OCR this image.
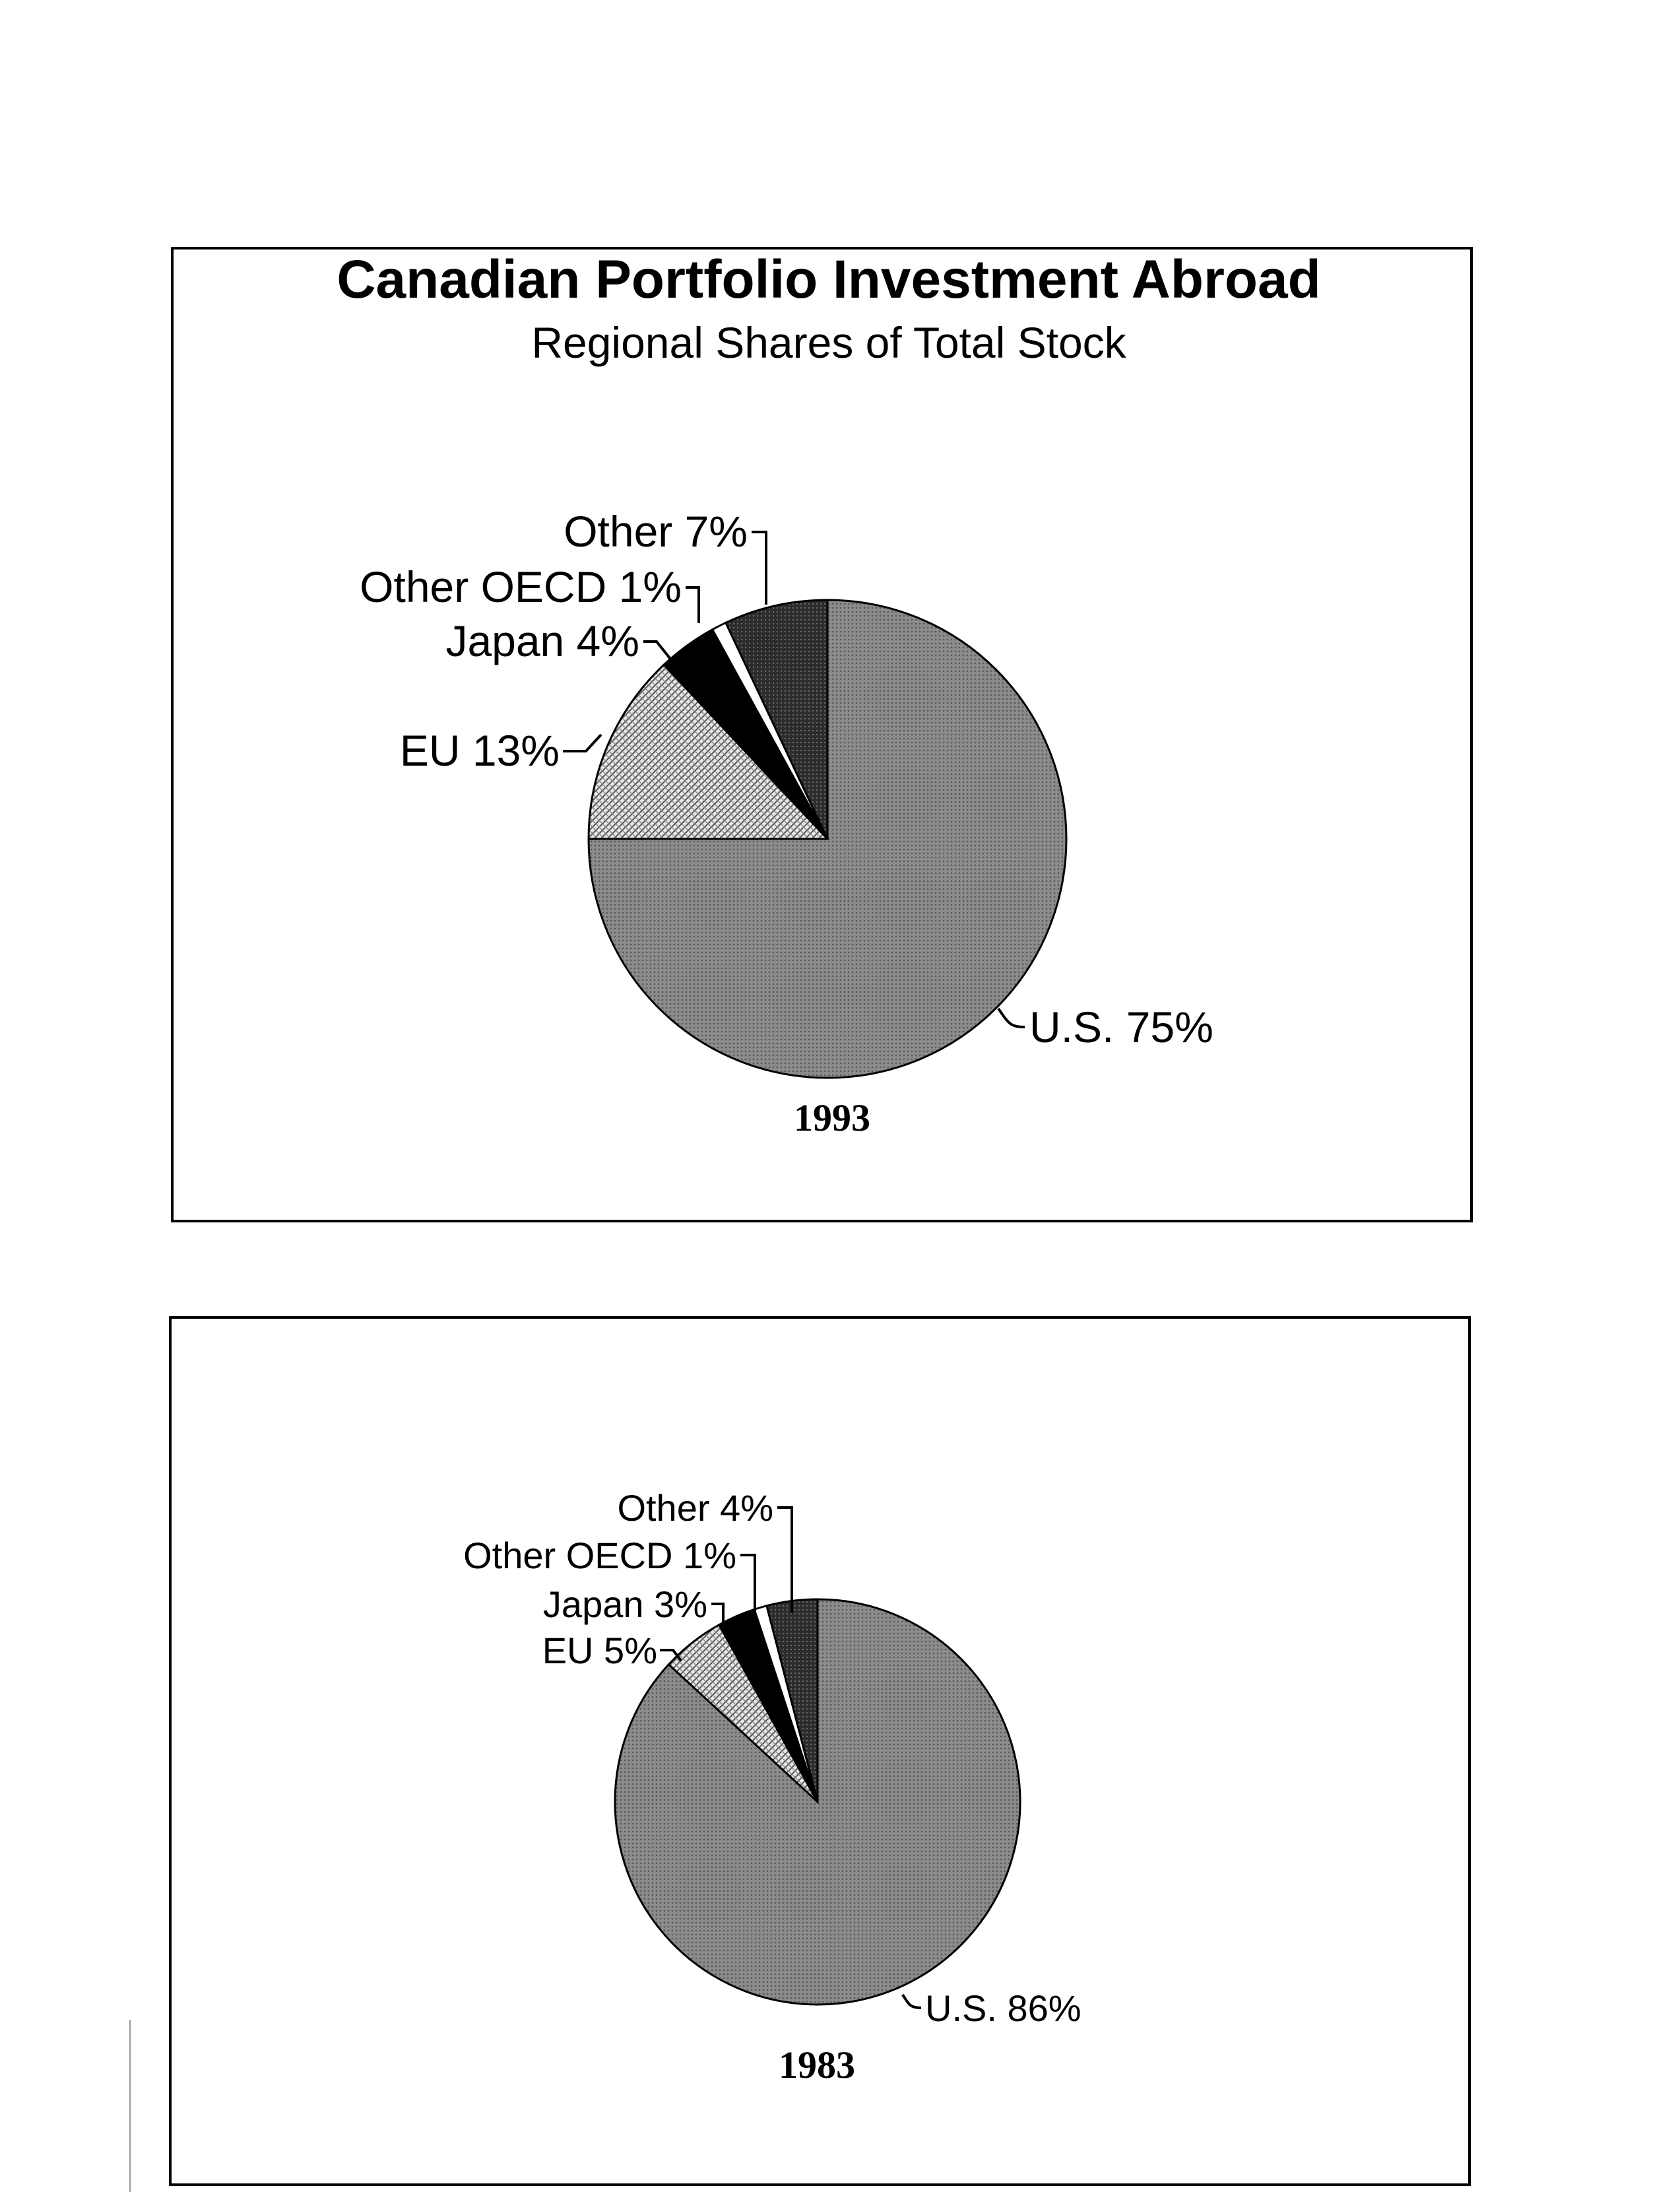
Canadian Portfolio Investment Abroad
Regional Shares of Total Stock
U.S. 75%
EU 13%
Japan 4%
Other OECD 1%
Other 7%
1993
U.S. 86%
EU 5%
Japan 3%
Other OECD 1%
Other 4%
1983
